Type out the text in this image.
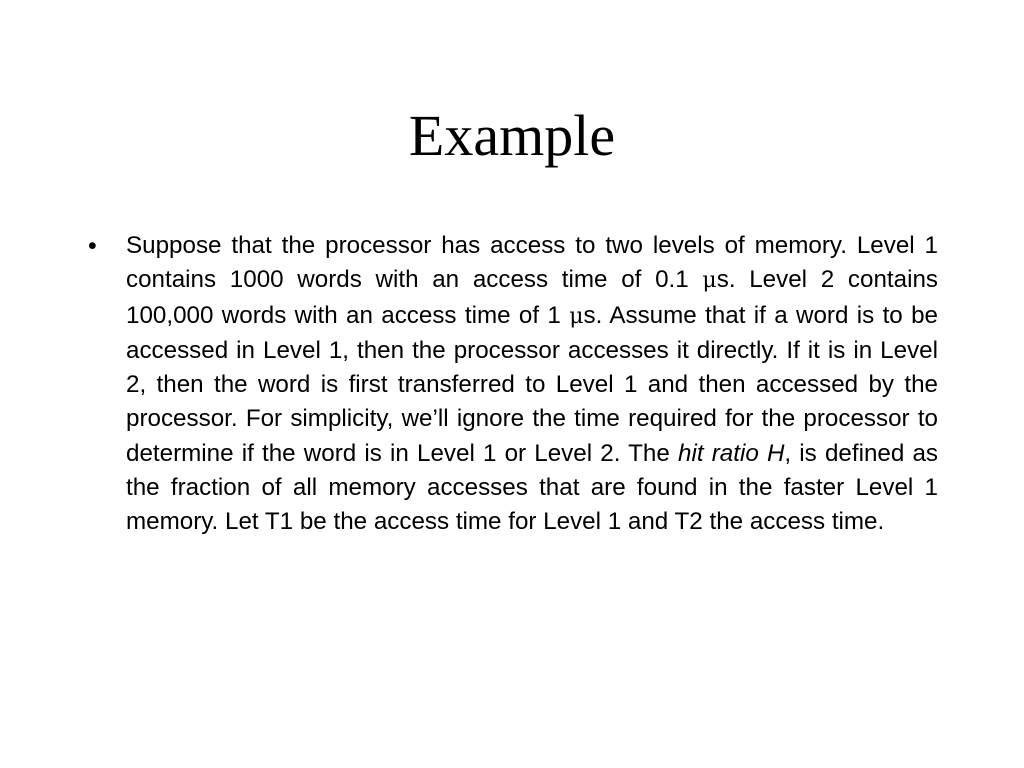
Example
•	Suppose that the processor has access to two levels of memory. Level 1 contains 1000 words with an access time of 0.1 μs. Level 2 contains 100,000 words with an access time of 1 μs. Assume that if a word is to be accessed in Level 1, then the processor accesses it directly. If it is in Level 2, then the word is first transferred to Level 1 and then accessed by the processor. For simplicity, we’ll ignore the time required for the processor to determine if the word is in Level 1 or Level 2. The hit ratio H, is defined as the fraction of all memory accesses that are found in the faster Level 1 memory. Let T1 be the access time for Level 1 and T2 the access time.
